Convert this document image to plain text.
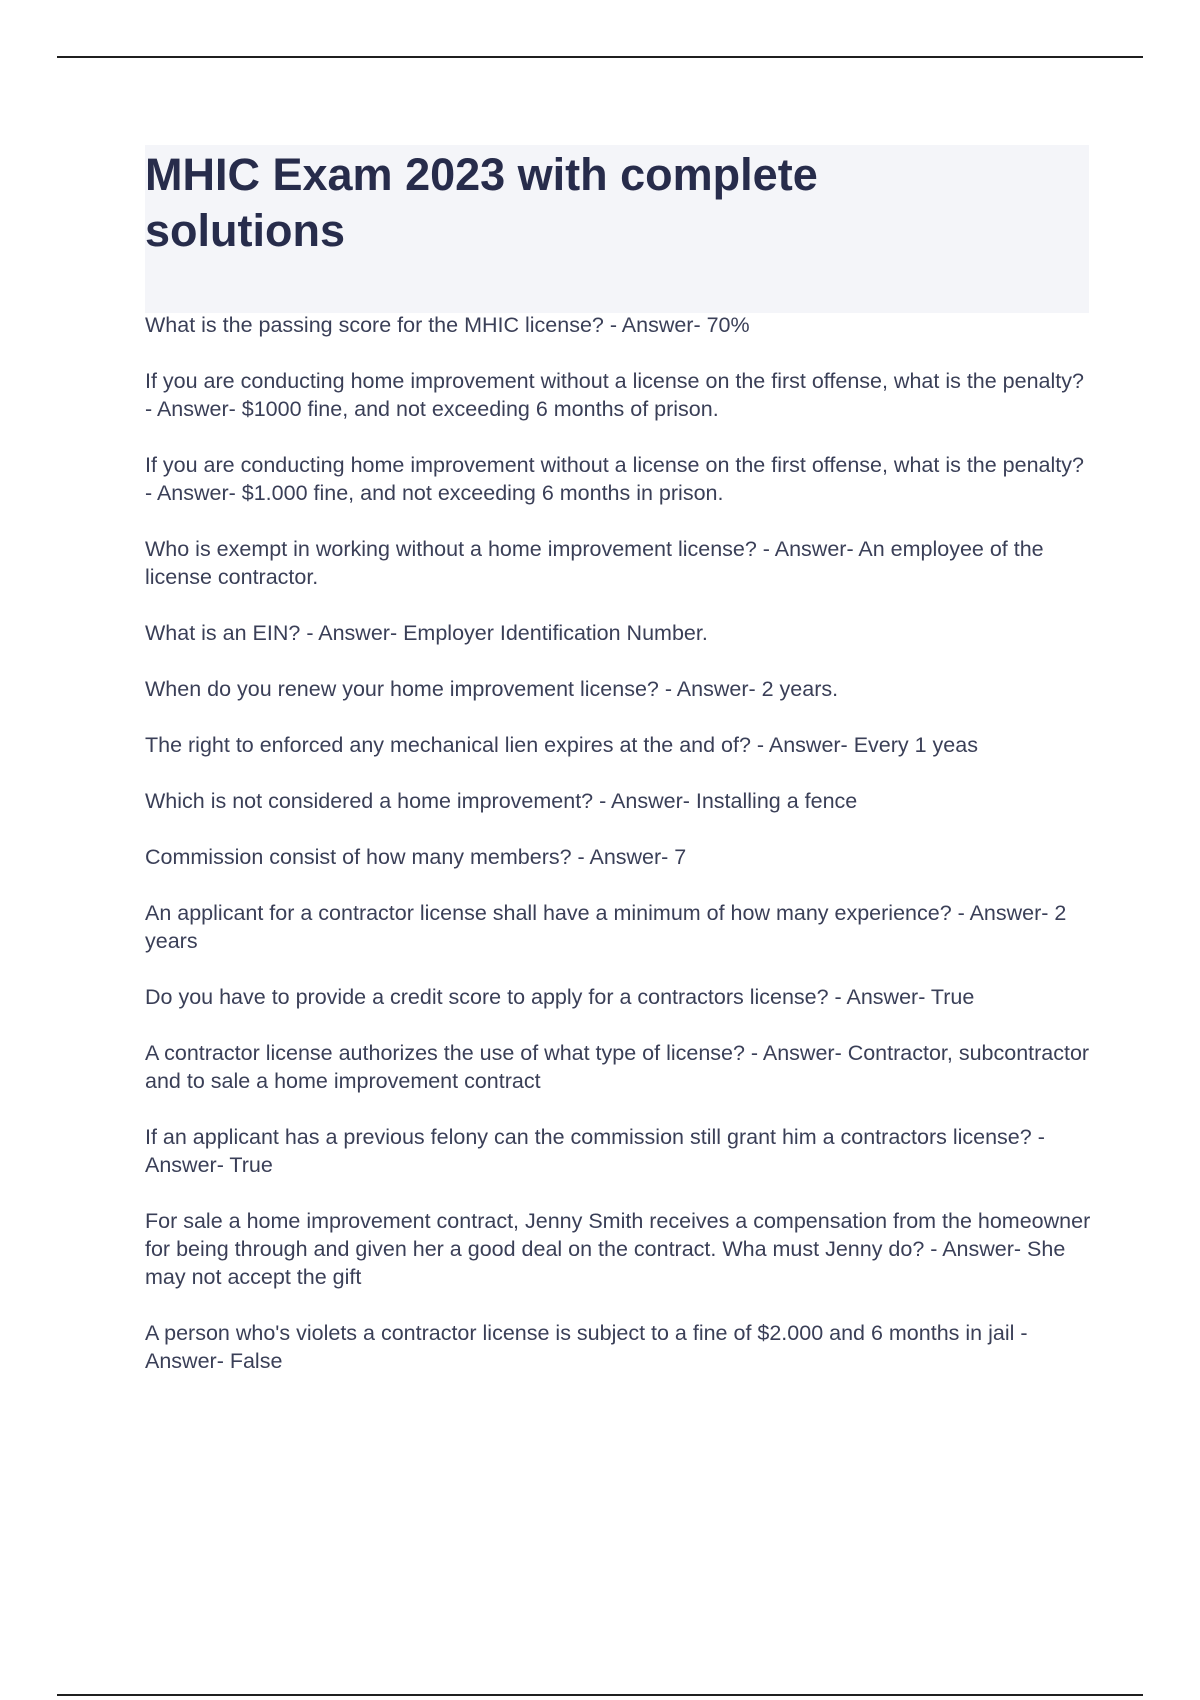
MHIC Exam 2023 with complete solutions

What is the passing score for the MHIC license? - Answer- 70%

If you are conducting home improvement without a license on the first offense, what is the penalty? - Answer- $1000 fine, and not exceeding 6 months of prison.

If you are conducting home improvement without a license on the first offense, what is the penalty? - Answer- $1.000 fine, and not exceeding 6 months in prison.

Who is exempt in working without a home improvement license? - Answer- An employee of the license contractor.

What is an EIN? - Answer- Employer Identification Number.

When do you renew your home improvement license? - Answer- 2 years.

The right to enforced any mechanical lien expires at the and of? - Answer- Every 1 yeas

Which is not considered a home improvement? - Answer- Installing a fence

Commission consist of how many members? - Answer- 7

An applicant for a contractor license shall have a minimum of how many experience? - Answer- 2 years

Do you have to provide a credit score to apply for a contractors license? - Answer- True

A contractor license authorizes the use of what type of license? - Answer- Contractor, subcontractor and to sale a home improvement contract

If an applicant has a previous felony can the commission still grant him a contractors license? - Answer- True

For sale a home improvement contract, Jenny Smith receives a compensation from the homeowner for being through and given her a good deal on the contract. Wha must Jenny do? - Answer- She may not accept the gift

A person who's violets a contractor license is subject to a fine of $2.000 and 6 months in jail - Answer- False
